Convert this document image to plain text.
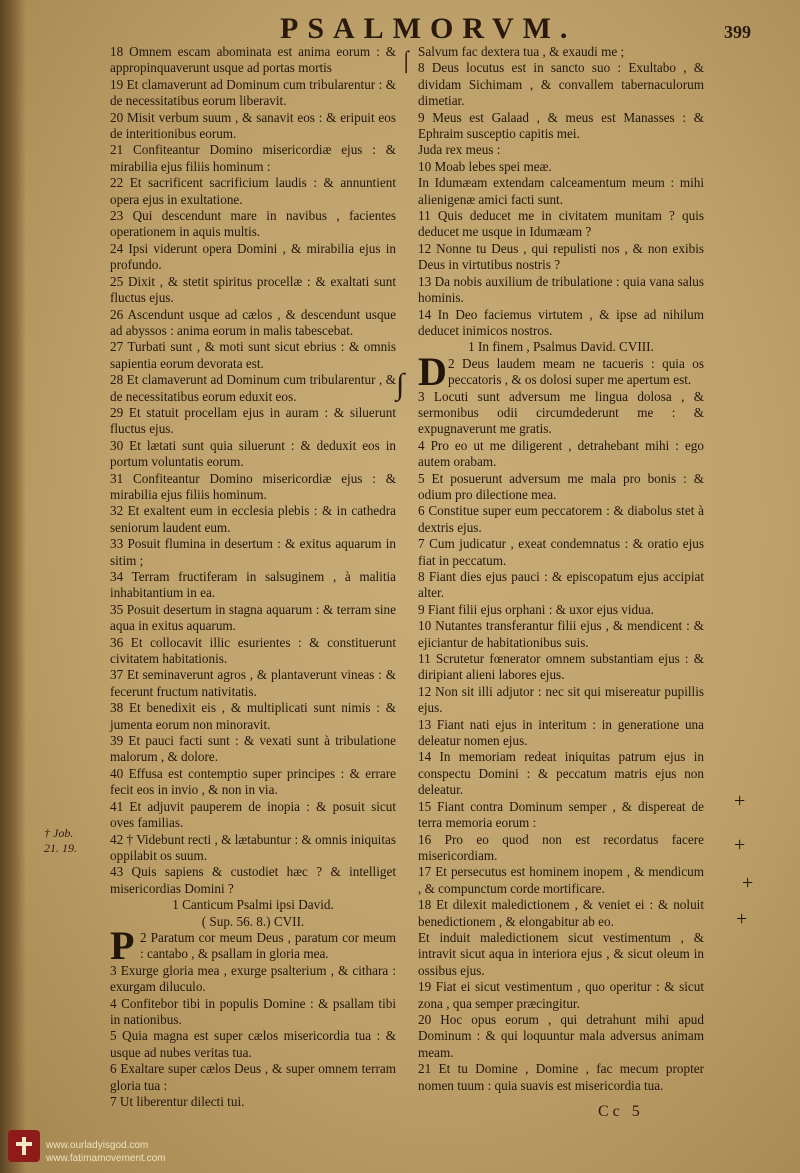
PSALMORVM.	399

18 Omnem escam abominata est anima eorum : & appropinquaverunt usque ad portas mortis

19 Et clamaverunt ad Dominum cum tribularentur : & de necessitatibus eorum liberavit.

20 Misit verbum suum , & sanavit eos : & eripuit eos de interitionibus eorum.

21 Confiteantur Domino misericordiæ ejus : & mirabilia ejus filiis hominum :

22 Et sacrificent sacrificium laudis : & annuntient opera ejus in exultatione.

23 Qui descendunt mare in navibus , facientes operationem in aquis multis.

24 Ipsi viderunt opera Domini , & mirabilia ejus in profundo.

25 Dixit , & stetit spiritus procellæ : & exaltati sunt fluctus ejus.

26 Ascendunt usque ad cælos , & descendunt usque ad abyssos : anima eorum in malis tabescebat.

27 Turbati sunt , & moti sunt sicut ebrius : & omnis sapientia eorum devorata est.

28 Et clamaverunt ad Dominum cum tribularentur , & de necessitatibus eorum eduxit eos.

29 Et statuit procellam ejus in auram : & siluerunt fluctus ejus.

30 Et lætati sunt quia siluerunt : & deduxit eos in portum voluntatis eorum.

31 Confiteantur Domino misericordiæ ejus : & mirabilia ejus filiis hominum.

32 Et exaltent eum in ecclesia plebis : & in cathedra seniorum laudent eum.

33 Posuit flumina in desertum : & exitus aquarum in sitim ;

34 Terram fructiferam in salsuginem , à malitia inhabitantium in ea.

35 Posuit desertum in stagna aquarum : & terram sine aqua in exitus aquarum.

36 Et collocavit illic esurientes : & constituerunt civitatem habitationis.

37 Et seminaverunt agros , & plantaverunt vineas : & fecerunt fructum nativitatis.

38 Et benedixit eis , & multiplicati sunt nimis : & jumenta eorum non minoravit.

39 Et pauci facti sunt : & vexati sunt à tribulatione malorum , & dolore.

40 Effusa est contemptio super principes : & errare fecit eos in invio , & non in via.

41 Et adjuvit pauperem de inopia : & posuit sicut oves familias.

42 † Videbunt recti , & lætabuntur : & omnis iniquitas oppilabit os suum.

43 Quis sapiens & custodiet hæc ? & intelliget misericordias Domini ?

1 Canticum Psalmi ipsi David.

( Sup. 56. 8.) CVII.

P 2 Paratum cor meum Deus , paratum cor meum : cantabo , & psallam in gloria mea.

3 Exurge gloria mea , exurge psalterium , & cithara : exurgam diluculo.

4 Confitebor tibi in populis Domine : & psallam tibi in nationibus.

5 Quia magna est super cælos misericordia tua : & usque ad nubes veritas tua.

6 Exaltare super cælos Deus , & super omnem terram gloria tua :

7 Ut liberentur dilecti tui.

Salvum fac dextera tua , & exaudi me ;

8 Deus locutus est in sancto suo : Exultabo , & dividam Sichimam , & convallem tabernaculorum dimetiar.

9 Meus est Galaad , & meus est Manasses : & Ephraim susceptio capitis mei.

Juda rex meus :

10 Moab lebes spei meæ.

In Idumæam extendam calceamentum meum : mihi alienigenæ amici facti sunt.

11 Quis deducet me in civitatem munitam ? quis deducet me usque in Idumæam ?

12 Nonne tu Deus , qui repulisti nos , & non exibis Deus in virtutibus nostris ?

13 Da nobis auxilium de tribulatione : quia vana salus hominis.

14 In Deo faciemus virtutem , & ipse ad nihilum deducet inimicos nostros.

1 In finem , Psalmus David. CVIII.

D 2 Deus laudem meam ne tacueris : quia os peccatoris , & os dolosi super me apertum est.

3 Locuti sunt adversum me lingua dolosa , & sermonibus odii circumdederunt me : & expugnaverunt me gratis.

4 Pro eo ut me diligerent , detrahebant mihi : ego autem orabam.

5 Et posuerunt adversum me mala pro bonis : & odium pro dilectione mea.

6 Constitue super eum peccatorem : & diabolus stet à dextris ejus.

7 Cum judicatur , exeat condemnatus : & oratio ejus fiat in peccatum.

8 Fiant dies ejus pauci : & episcopatum ejus accipiat alter.

9 Fiant filii ejus orphani : & uxor ejus vidua.

10 Nutantes transferantur filii ejus , & mendicent : & ejiciantur de habitationibus suis.

11 Scrutetur fœnerator omnem substantiam ejus : & diripiant alieni labores ejus.

12 Non sit illi adjutor : nec sit qui misereatur pupillis ejus.

13 Fiant nati ejus in interitum : in generatione una deleatur nomen ejus.

14 In memoriam redeat iniquitas patrum ejus in conspectu Domini : & peccatum matris ejus non deleatur.

15 Fiant contra Dominum semper , & dispereat de terra memoria eorum :

16 Pro eo quod non est recordatus facere misericordiam.

17 Et persecutus est hominem inopem , & mendicum , & compunctum corde mortificare.

18 Et dilexit maledictionem , & veniet ei : & noluit benedictionem , & elongabitur ab eo.

Et induit maledictionem sicut vestimentum , & intravit sicut aqua in interiora ejus , & sicut oleum in ossibus ejus.

19 Fiat ei sicut vestimentum , quo operitur : & sicut zona , qua semper præcingitur.

20 Hoc opus eorum , qui detrahunt mihi apud Dominum : & qui loquuntur mala adversus animam meam.

21 Et tu Domine , Domine , fac mecum propter nomen tuum : quia suavis est misericordia tua.

⌠
∫
+
+
+
+
† Job.
21. 19.
Cc 5
www.ourladyisgod.com
www.fatimamovement.com
